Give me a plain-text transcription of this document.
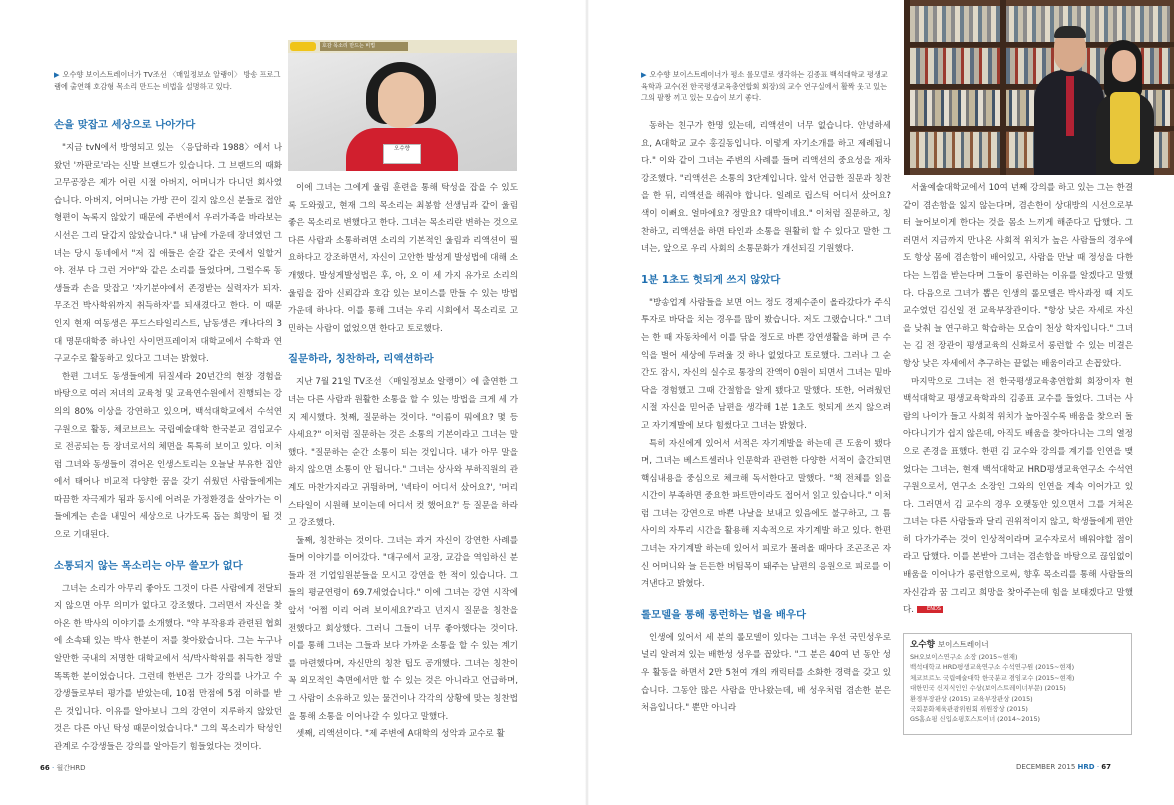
호감 목소리 만드는 비법
오수향
▶ 오수향 보이스트레이너가 TV조선 〈매일정보쇼 알랭이〉 방송 프로그램에 출연해 호감형 목소리 만드는 비법을 설명하고 있다.
손을 맞잡고 세상으로 나아가다

"지금 tvN에서 방영되고 있는 〈응답하라 1988〉에서 나왔던 '까판로'라는 신발 브랜드가 있습니다. 그 브랜드의 때화 고무공장은 제가 어린 시절 아버지, 어머니가 다니던 회사였습니다. 아버지, 어머니는 가방 끈이 길지 않으신 분들로 접안형편이 녹록지 않았기 때문에 주변에서 우러가족을 바라보는 시선은 그리 달갑지 않았습니다." 내 남에 가운데 장녀였던 그녀는 당시 동네에서 "저 집 애들은 숟갈 같은 곳에서 일할거야. 전부 다 그런 거야"와 같은 소리를 들었다며, 그럴수록 동생들과 손을 맞잡고 '자기분야에서 존경받는 실력자가 되자. 무조건 박사학위까지 취득하자'를 되새겼다고 한다. 이 때문인지 현재 여동생은 푸드스타일리스트, 남동생은 캐나다의 3대 명문대학중 하나인 사이먼프레이저 대학교에서 수학과 연구교수로 활동하고 있다고 그녀는 밝혔다.

한편 그녀도 동생들에게 뒤질세라 20년간의 현장 경험을 바탕으로 여러 저녀의 교육청 및 교육연수원에서 진행되는 강의의 80% 이상을 강연하고 있으며, 백석대학교에서 수석연구원으로 활동, 체코브르노 국립예술대학 한국분교 겸임교수로 전공되는 등 장녀로서의 체면을 톡톡히 보이고 있다. 이처럼 그녀와 동생들이 겪어온 인생스토리는 오늘날 부유한 집안에서 태어나 비교적 다양한 꿈을 갖기 쉬웠던 사람들에게는 따끔한 자극제가 됨과 동시에 어려운 가정환경을 살아가는 이들에게는 손을 내밀어 세상으로 나가도록 돕는 희망이 될 것으로 기대된다.

소통되지 않는 목소리는 아무 쓸모가 없다

그녀는 소리가 아무리 좋아도 그것이 다른 사람에게 전달되지 않으면 아무 의미가 없다고 강조했다. 그러면서 자신을 찾아온 한 박사의 이야기를 소개했다. "약 부작용과 관련된 협회에 소속돼 있는 박사 한분이 저를 찾아왔습니다. 그는 누구나 알만한 국내의 저명한 대학교에서 석/박사학위를 취득한 정말 똑똑한 분이었습니다. 그런데 한번은 그가 강의를 나가고 수강생들로부터 평가를 받았는데, 10점 만점에 5점 이하를 받은 것입니다. 이유를 알아보니 그의 강연이 지루하지 않았던 것은 다른 아닌 탁성 때문이었습니다." 그의 목소리가 탁성인 관계로 수강생들은 강의를 알아듣기 힘들었다는 것이다.

이에 그녀는 그에게 울림 훈련을 통해 탁성을 잡을 수 있도록 도와줬고, 현재 그의 목소리는 최봉함 선생님과 같이 울림 좋은 목소리로 변했다고 한다. 그녀는 목소리란 변하는 것으로 다른 사람과 소통하려면 소리의 기본적인 울림과 리액션이 필요하다고 강조하면서, 자신이 고안한 발성게 발성법에 대해 소개했다. 발성게발성법은 후, 아, 오 이 세 가지 유가로 소리의 울림을 잡아 신뢰감과 호감 있는 보이스를 만들 수 있는 방법 가운데 하나다. 이를 통해 그녀는 우리 시회에서 목소리로 고민하는 사람이 없었으면 한다고 토로했다.

질문하라, 칭찬하라, 리액션하라

지난 7월 21일 TV조선 〈매일정보쇼 알랭이〉에 출연한 그녀는 다른 사람과 원활한 소통을 할 수 있는 방법을 크게 세 가지 제시했다. 첫째, 질문하는 것이다. "이름이 뭐에요? 몇 등 사세요?" 이처럼 질문하는 것은 소통의 기본이라고 그녀는 말했다. "질문하는 순간 소통이 되는 것입니다. 내가 아무 말을 하지 않으면 소통이 안 됩니다." 그녀는 상사와 부하직원의 관계도 마찬가지라고 귀띔하며, '넥타이 어디서 샀어요?', '머리스타일이 시원해 보이는데 어디서 컷 했어요?' 등 질문을 하라고 강조했다.

둘째, 칭찬하는 것이다. 그녀는 과거 자신이 강연한 사례를 들며 이야기를 이어갔다. "대구에서 교장, 교감을 역임하신 분들과 전 기업임원분들을 모시고 강연을 한 적이 있습니다. 그들의 평균연령이 69.7세였습니다." 이에 그녀는 강연 시작에 앞서 '어쩜 이리 어려 보이세요?'라고 넌지시 질문을 칭찬을 전했다고 회상했다. 그러니 그들이 너무 좋아했다는 것이다. 이를 통해 그녀는 그들과 보다 가까운 소통을 할 수 있는 계기를 마련했다며, 자신만의 칭찬 팁도 공개했다. 그녀는 칭찬이 꼭 외모적인 측면에서만 할 수 있는 것은 아니라고 언급하며, 그 사람이 소유하고 있는 물건이나 각각의 상황에 맞는 칭찬법을 통해 소통을 이어나갈 수 있다고 말했다.

셋째, 리액션이다. "제 주변에 A대학의 성악과 교수로 활

▶ 오수향 보이스트레이너가 평소 롤모델로 생각하는 김종표 백석대학교 평생교육학과 교수(전 한국평생교육총연합회 회장)의 교수 연구실에서 활짝 웃고 있는 그의 팔짱 끼고 있는 모습이 보기 좋다.

동하는 친구가 한명 있는데, 리액션이 너무 없습니다. 안녕하세요, A대학교 교수 홍길동입니다. 이렇게 자기소개를 하고 제례됩니다." 이와 같이 그녀는 주변의 사례를 들며 리액션의 중요성을 재차 강조했다. "리액션은 소통의 3단계입니다. 앞서 언급한 질문과 칭찬을 한 뒤, 리액션을 해줘야 합니다. 일례로 립스틱 어디서 샀어요? 색이 이뻐요. 얼마에요? 정말요? 대박이네요." 이처럼 질문하고, 칭찬하고, 리액션을 하면 타인과 소통을 원활히 할 수 있다고 말한 그녀는, 앞으로 우리 사회의 소통문화가 개선되길 기원했다.

1분 1초도 헛되게 쓰지 않았다

"방송업계 사람들을 보면 어느 정도 경제수준이 올라갔다가 주식투자로 바닥을 치는 경우를 많이 봤습니다. 저도 그랬습니다." 그녀는 한 때 자동차에서 이를 닦을 정도로 바쁜 강연생활을 하며 큰 수익을 벌어 세상에 두려울 것 하나 없었다고 토로했다. 그러나 그 순간도 잠시, 자신의 실수로 통장의 잔액이 0원이 되면서 그녀는 밑바닥을 경험했고 그때 간절함을 알게 됐다고 말했다. 또한, 어려웠던 시절 자신을 믿어준 남편을 생각해 1분 1초도 헛되게 쓰지 않으려고 자기계발에 보다 힘썼다고 그녀는 밝혔다.

특히 자신에게 있어서 서적은 자기계발을 하는데 큰 도움이 됐다며, 그녀는 베스트셀러나 인문학과 관련한 다양한 서적이 출간되면 핵심내용을 중심으로 체크해 독서한다고 말했다. "책 전체를 읽을 시간이 부족하면 중요한 파트만이라도 접어서 읽고 있습니다." 이처럼 그녀는 강연으로 바쁜 나날을 보내고 있음에도 불구하고, 그 틈 사이의 자투리 시간을 활용해 지속적으로 자기계발 하고 있다. 한편 그녀는 자기계발 하는데 있어서 피로가 몰려올 때마다 조곤조곤 자신 어머니와 늘 든든한 버팀목이 돼주는 남편의 응원으로 피로를 이겨낸다고 밝혔다.

롤모델을 통해 롱런하는 법을 배우다

인생에 있어서 세 분의 롤모델이 있다는 그녀는 우선 국민성우로 널리 알려져 있는 배한성 성우를 꼽았다. "그 분은 40여 년 동안 성우 활동을 하면서 2만 5천여 개의 캐릭터를 소화한 경력을 갖고 있습니다. 그동안 많은 사람을 만나왔는데, 배 성우처럼 겸손한 분은 처음입니다." 뿐만 아니라

서울예술대학교에서 10여 년째 강의를 하고 있는 그는 한결같이 겸손함을 잃지 않는다며, 겸손한이 상대방의 시선으로부터 늘어보이게 한다는 것을 몸소 느끼게 해준다고 답했다. 그러면서 지금까지 만나온 사회적 위치가 높은 사람들의 경우에도 항상 몸에 겸손함이 배어있고, 사람을 만날 때 정성을 다한다는 느낌을 받는다며 그들이 롱런하는 이유를 알겠다고 말했다. 다음으로 그녀가 뽑은 인생의 롤모델은 박사과정 때 지도교수였던 김신일 전 교육부장관이다. "항상 낮은 자세로 자신을 낮춰 늘 연구하고 학습하는 모습이 천상 학자입니다." 그녀는 김 전 장관이 평생교육의 신화로서 롱런할 수 있는 비결은 항상 낮은 자세에서 추구하는 끝없는 배움이라고 손꼽았다.

마지막으로 그녀는 전 한국평생교육총연합회 회장이자 현 백석대학교 평생교육학과의 김종표 교수를 들었다. 그녀는 사람의 나이가 들고 사회적 위치가 높아질수록 배움을 찾으러 돌아다니기가 쉽지 않은데, 아직도 배움을 찾아다니는 그의 열정으로 존경을 표했다. 한편 김 교수와 강의를 계기를 인연을 맺었다는 그녀는, 현재 백석대학교 HRD평생교육연구소 수석연구원으로서, 연구소 소장인 그와의 인연을 계속 이어가고 있다. 그러면서 김 교수의 경우 오랫동안 있으면서 그를 거쳐온 그녀는 다른 사람들과 달리 권위적이지 않고, 학생들에게 편안히 다가가주는 것이 인상적이라며 교수자로서 배워야할 점이라고 답했다. 이를 본받아 그녀는 겸손함을 바탕으로 끊임없이 배움을 이어나가 롱런함으로써, 향후 목소리를 통해 사람들의 자신감과 꿈 그리고 희망을 찾아주는데 힘을 보태겠다고 말했다.	ENDS

오수향 보이스트레이너
SH오보이스연구소 소장 (2015~현재)
백석대학교 HRD평생교육연구소 수석연구원 (2015~현재)
체코브르노 국립예술대학 한국분교 겸임교수 (2015~현재)
대한민국 신지식인인 수상(보이스트레이너부문) (2015)
환경부장관상 (2015) 교육부장관상 (2015)
국회문화체육관광위원회 위원장상 (2015)
GS홈쇼핑 신입쇼핑호스트이너 (2014~2015)
66 · 월간HRD	DECEMBER 2015 HRD · 67
